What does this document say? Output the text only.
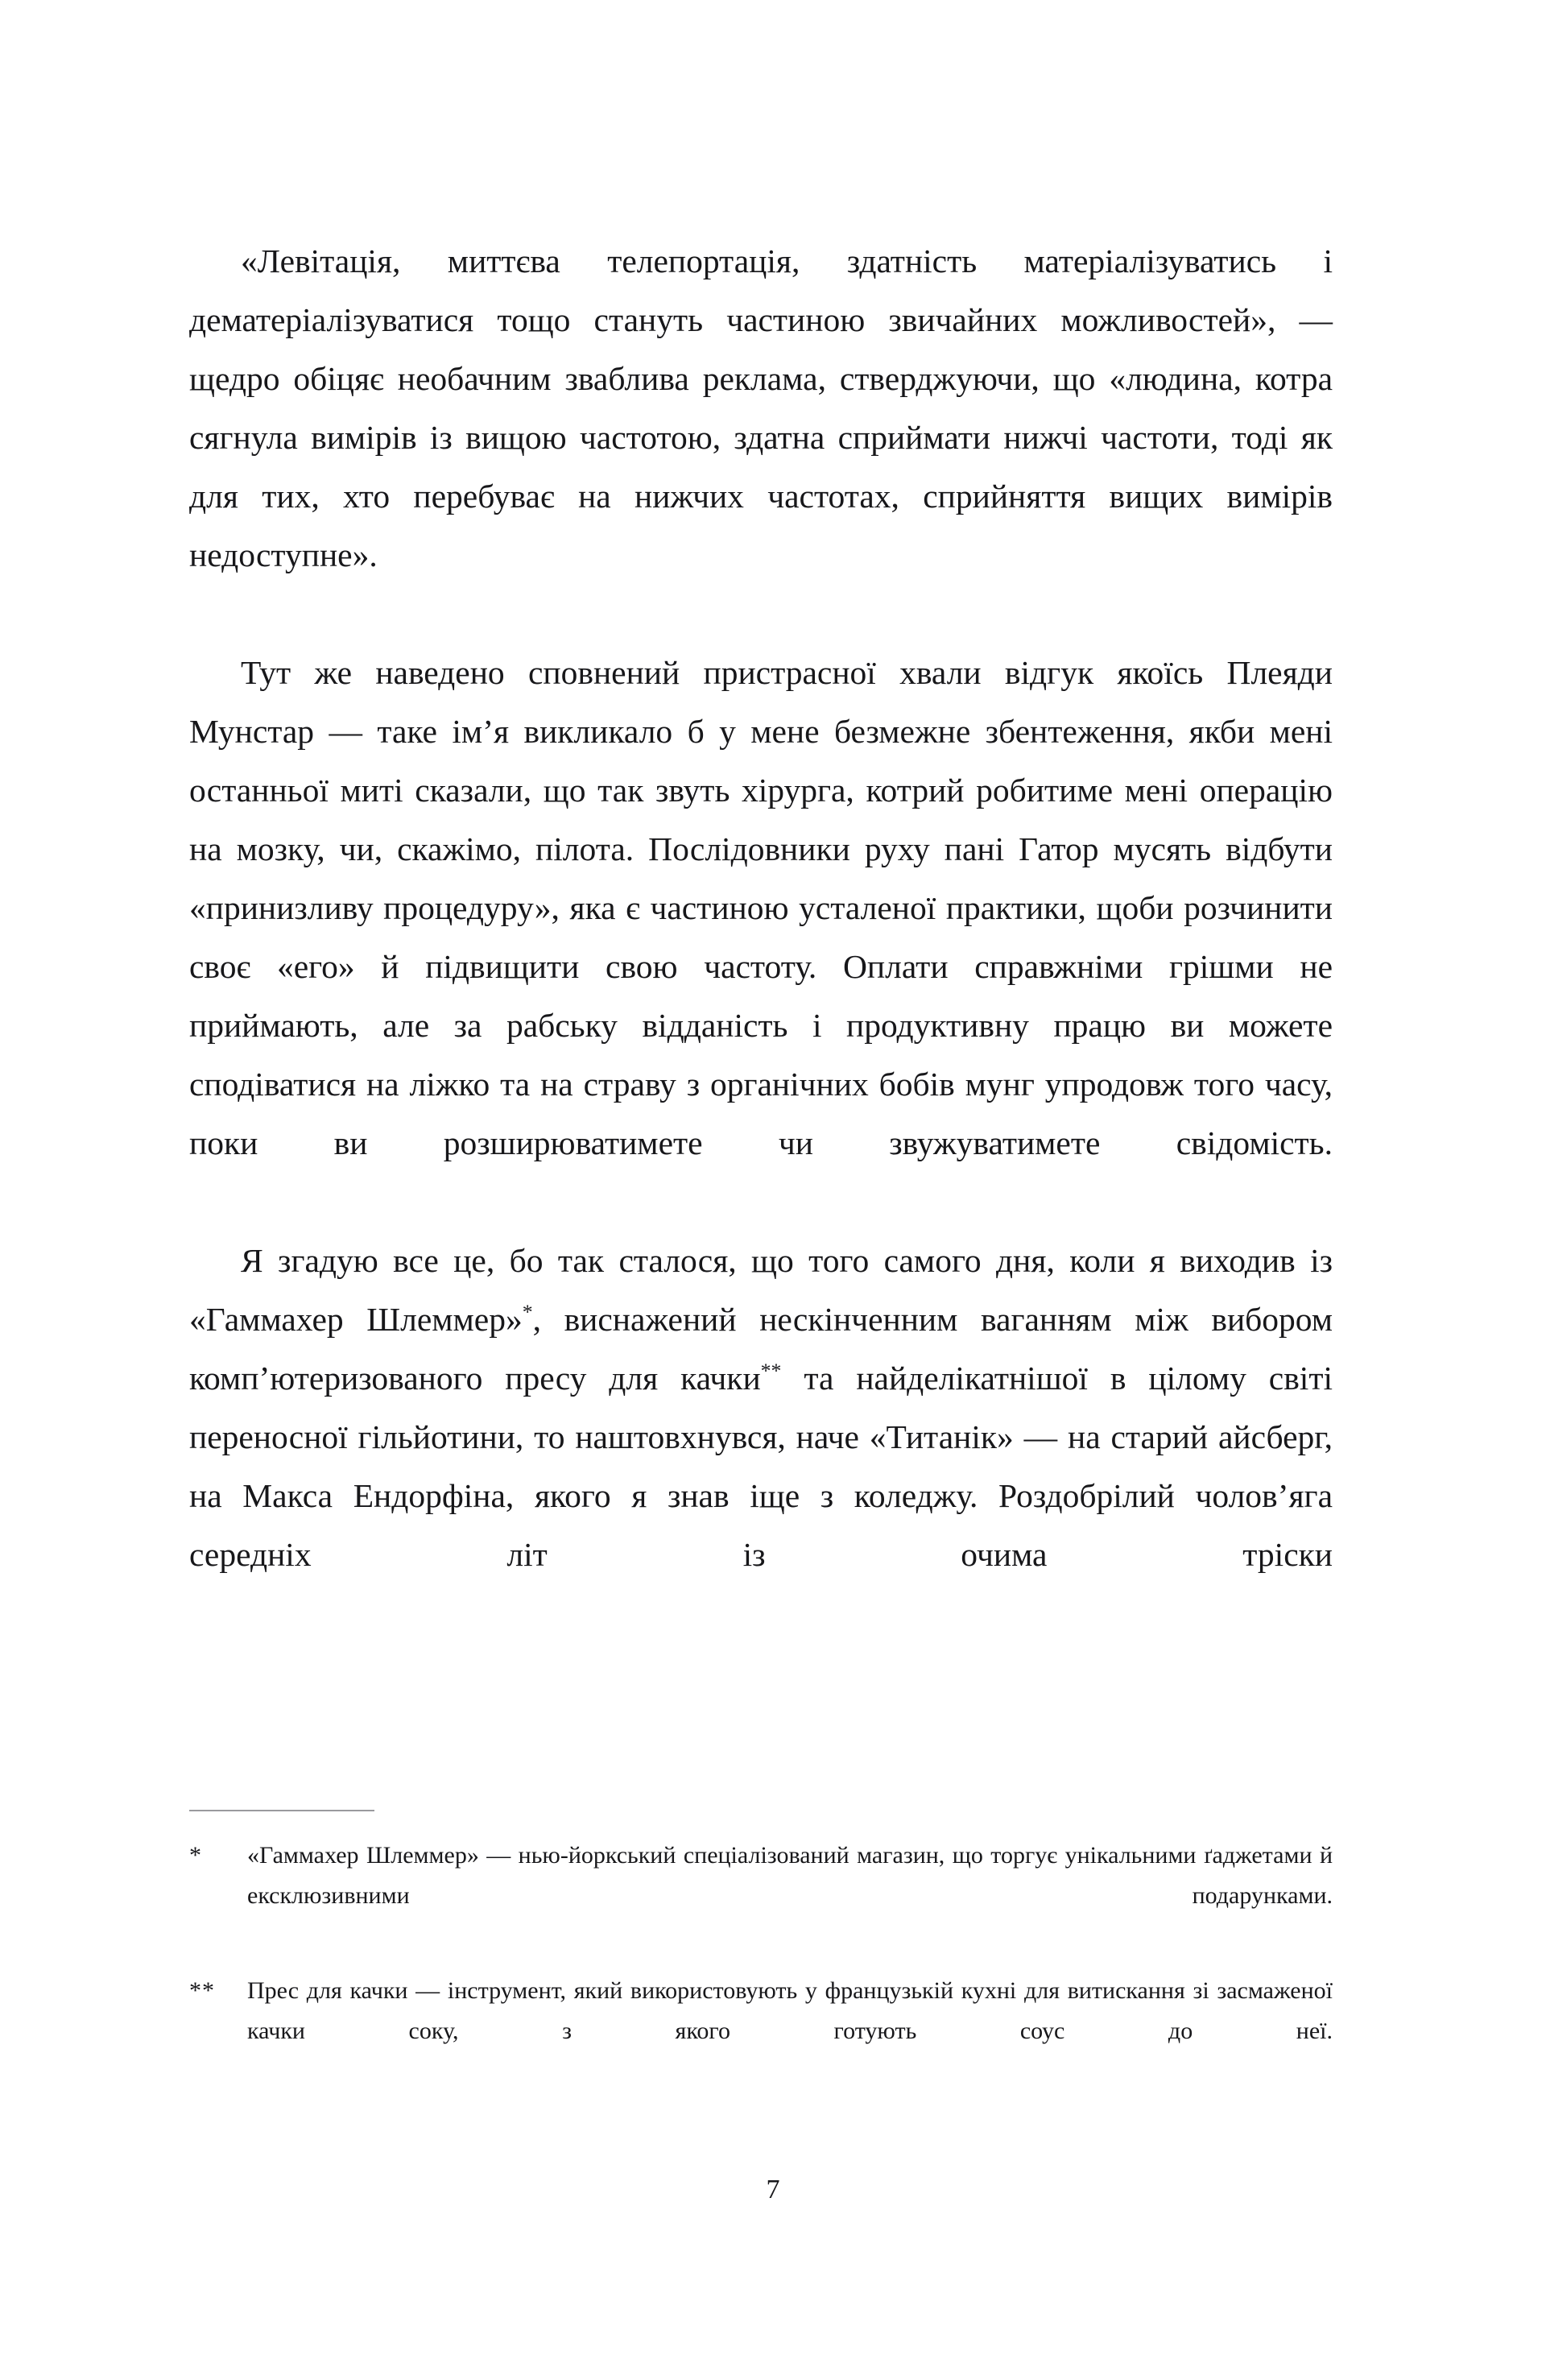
«Левітація, миттєва телепортація, здатність матеріалізуватись і дематеріалізуватися тощо стануть частиною звичайних можливостей», — щедро обіцяє необачним зваблива реклама, стверджуючи, що «людина, котра сягнула вимірів із вищою частотою, здатна сприймати нижчі частоти, тоді як для тих, хто перебуває на нижчих частотах, сприйняття вищих вимірів недоступне».

Тут же наведено сповнений пристрасної хвали відгук якоїсь Плеяди Мунстар — таке ім’я викликало б у мене безмежне збентеження, якби мені останньої миті сказали, що так звуть хірурга, котрий робитиме мені операцію на мозку, чи, скажімо, пілота. Послідовники руху пані Гатор мусять відбути «принизливу процедуру», яка є частиною усталеної практики, щоби розчинити своє «его» й підвищити свою частоту. Оплати справжніми грішми не приймають, але за рабську відданість і продуктивну працю ви можете сподіватися на ліжко та на страву з органічних бобів мунг упродовж того часу, поки ви розширюватимете чи звужуватимете свідомість.

Я згадую все це, бо так сталося, що того самого дня, коли я виходив із «Гаммахер Шлеммер»*, виснажений нескінченним ваганням між вибором комп’ютеризованого пресу для качки** та найделікатнішої в цілому світі переносної гільйотини, то наштовхнувся, наче «Титанік» — на старий айсберг, на Макса Ендорфіна, якого я знав іще з коледжу. Роздобрілий чолов’яга середніх літ із очима тріски

*	«Гаммахер Шлеммер» — нью-йоркський спеціалізований магазин, що торгує унікальними ґаджетами й ексклюзивними подарунками.
**	Прес для качки — інструмент, який використовують у французькій кухні для витискання зі засмаженої качки соку, з якого готують соус до неї.
7
